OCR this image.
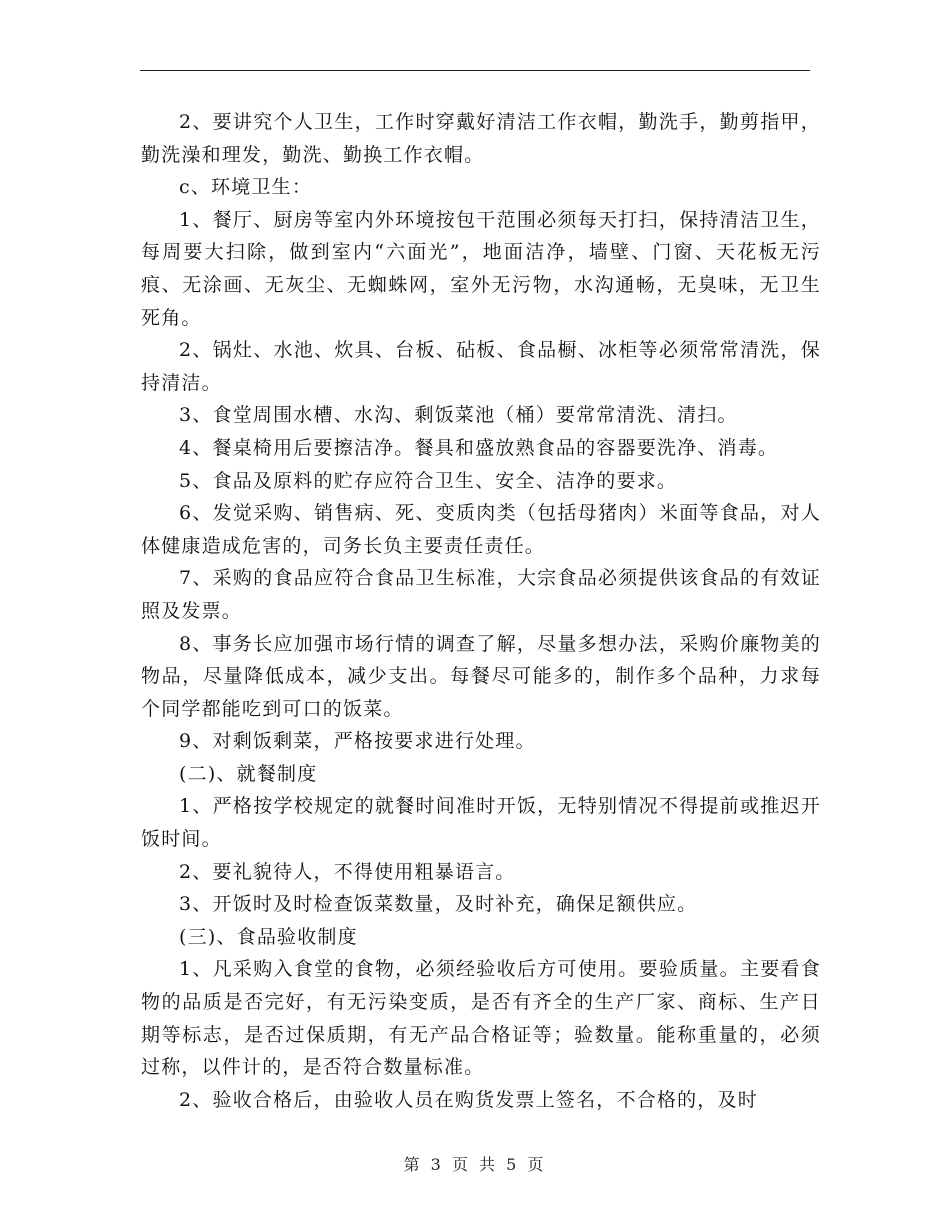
2、要讲究个人卫生，工作时穿戴好清洁工作衣帽，勤洗手，勤剪指甲，勤洗澡和理发，勤洗、勤换工作衣帽。

c、环境卫生：

1、餐厅、厨房等室内外环境按包干范围必须每天打扫，保持清洁卫生，每周要大扫除，做到室内“六面光”，地面洁净，墙壁、门窗、天花板无污痕、无涂画、无灰尘、无蜘蛛网，室外无污物，水沟通畅，无臭味，无卫生死角。

2、锅灶、水池、炊具、台板、砧板、食品橱、冰柜等必须常常清洗，保持清洁。

3、食堂周围水槽、水沟、剩饭菜池（桶）要常常清洗、清扫。

4、餐桌椅用后要擦洁净。餐具和盛放熟食品的容器要洗净、消毒。

5、食品及原料的贮存应符合卫生、安全、洁净的要求。

6、发觉采购、销售病、死、变质肉类（包括母猪肉）米面等食品，对人体健康造成危害的，司务长负主要责任责任。

7、采购的食品应符合食品卫生标准，大宗食品必须提供该食品的有效证照及发票。

8、事务长应加强市场行情的调查了解，尽量多想办法，采购价廉物美的物品，尽量降低成本，减少支出。每餐尽可能多的，制作多个品种，力求每个同学都能吃到可口的饭菜。

9、对剩饭剩菜，严格按要求进行处理。

(二)、就餐制度

1、严格按学校规定的就餐时间准时开饭，无特别情况不得提前或推迟开饭时间。

2、要礼貌待人，不得使用粗暴语言。

3、开饭时及时检查饭菜数量，及时补充，确保足额供应。

(三)、食品验收制度

1、凡采购入食堂的食物，必须经验收后方可使用。要验质量。主要看食物的品质是否完好，有无污染变质，是否有齐全的生产厂家、商标、生产日期等标志，是否过保质期，有无产品合格证等；验数量。能称重量的，必须过称，以件计的，是否符合数量标准。

2、验收合格后，由验收人员在购货发票上签名，不合格的，及时

第 3 页 共 5 页
